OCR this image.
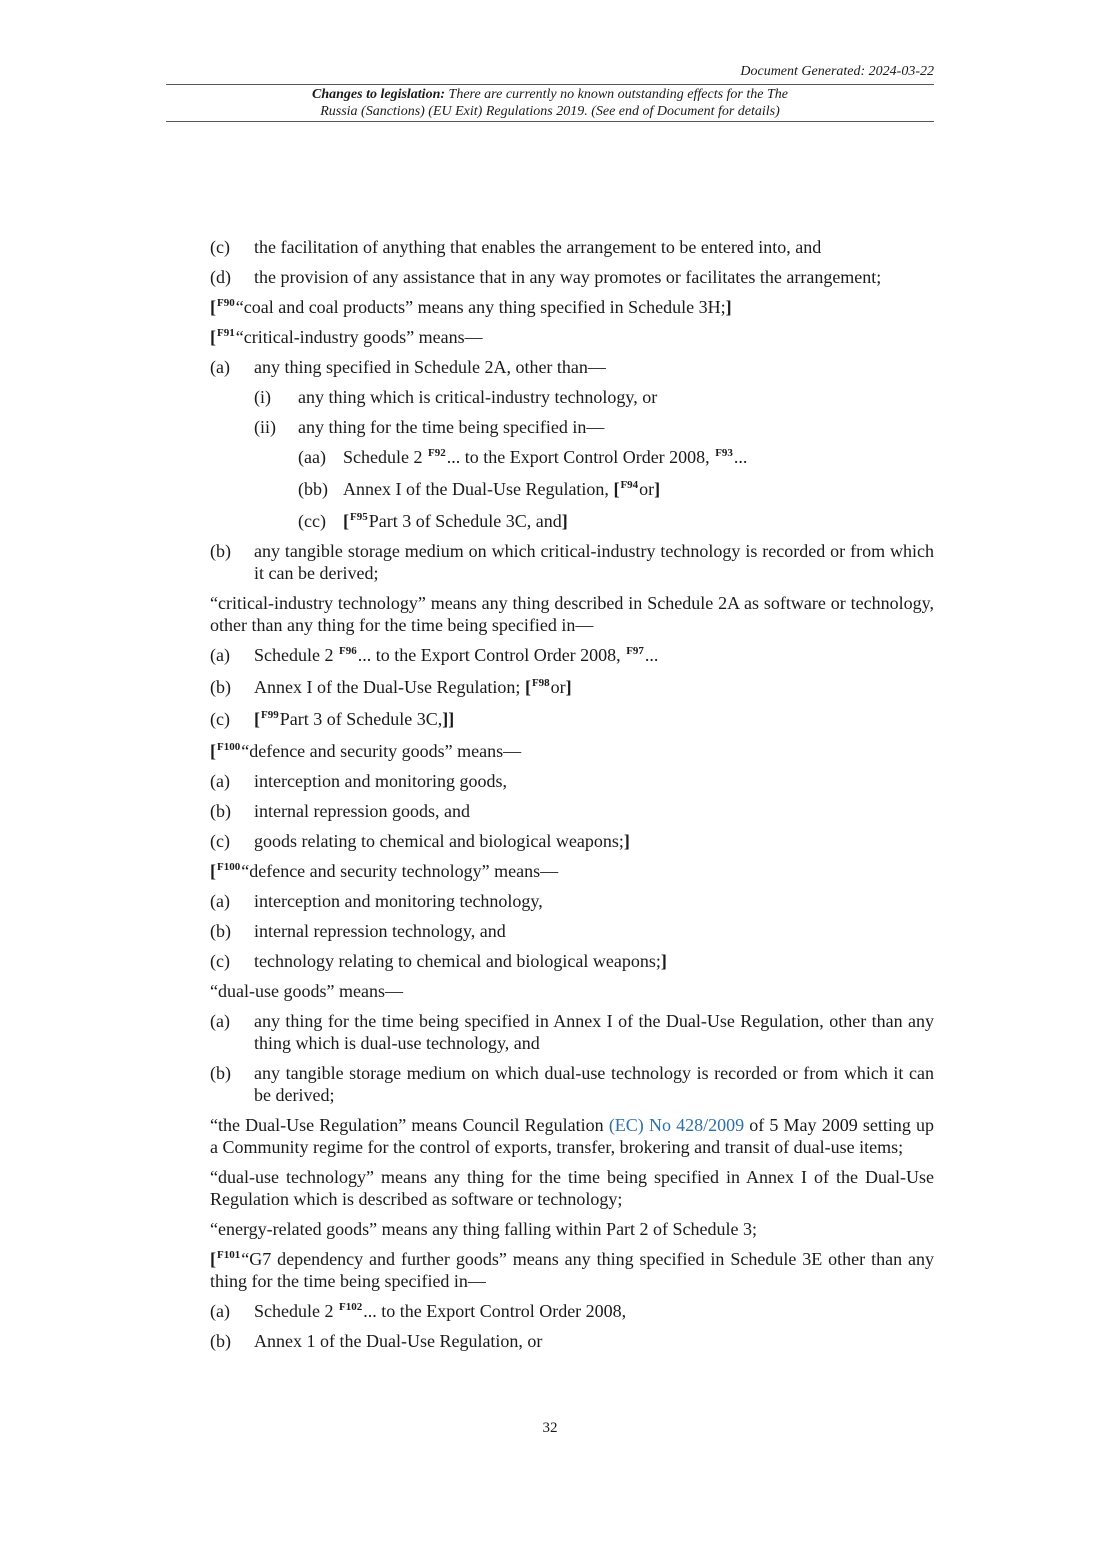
Document Generated: 2024-03-22
Changes to legislation: There are currently no known outstanding effects for the The
Russia (Sanctions) (EU Exit) Regulations 2019. (See end of Document for details)
(c)	the facilitation of anything that enables the arrangement to be entered into, and
(d)	the provision of any assistance that in any way promotes or facilitates the arrangement;
[$^{F90}$“coal and coal products” means any thing specified in Schedule 3H;]
[$^{F91}$“critical-industry goods” means—
(a)	any thing specified in Schedule 2A, other than—
(i)	any thing which is critical-industry technology, or
(ii)	any thing for the time being specified in—
(aa) Schedule 2 $^{F92}$... to the Export Control Order 2008, $^{F93}$...
(bb) Annex I of the Dual-Use Regulation, [$^{F94}$or]
(cc) [$^{F95}$Part 3 of Schedule 3C, and]
(b)	any tangible storage medium on which critical-industry technology is recorded or from which it can be derived;
“critical-industry technology” means any thing described in Schedule 2A as software or technology, other than any thing for the time being specified in—
(a)	Schedule 2 $^{F96}$... to the Export Control Order 2008, $^{F97}$...
(b)	Annex I of the Dual-Use Regulation; [$^{F98}$or]
(c)	[$^{F99}$Part 3 of Schedule 3C,]]
[$^{F100}$“defence and security goods” means—
(a)	interception and monitoring goods,
(b)	internal repression goods, and
(c)	goods relating to chemical and biological weapons;]
[$^{F100}$“defence and security technology” means—
(a)	interception and monitoring technology,
(b)	internal repression technology, and
(c)	technology relating to chemical and biological weapons;]
“dual-use goods” means—
(a)	any thing for the time being specified in Annex I of the Dual-Use Regulation, other than any thing which is dual-use technology, and
(b)	any tangible storage medium on which dual-use technology is recorded or from which it can be derived;
“the Dual-Use Regulation” means Council Regulation (EC) No 428/2009 of 5 May 2009 setting up a Community regime for the control of exports, transfer, brokering and transit of dual-use items;
“dual-use technology” means any thing for the time being specified in Annex I of the Dual-Use Regulation which is described as software or technology;
“energy-related goods” means any thing falling within Part 2 of Schedule 3;
[$^{F101}$“G7 dependency and further goods” means any thing specified in Schedule 3E other than any thing for the time being specified in—
(a)	Schedule 2 $^{F102}$... to the Export Control Order 2008,
(b)	Annex 1 of the Dual-Use Regulation, or
32
